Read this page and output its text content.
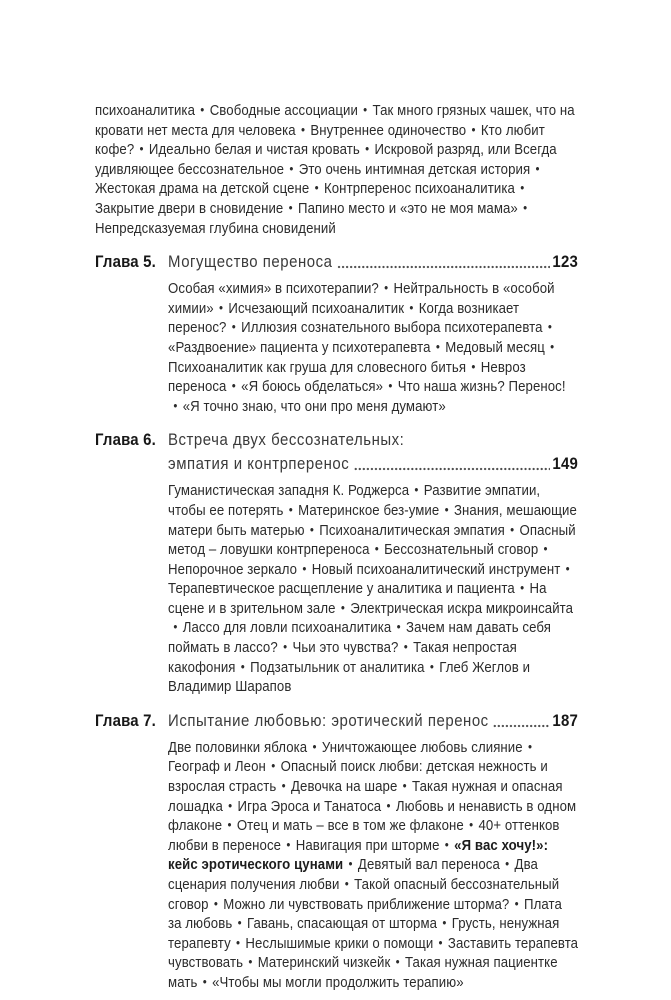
психоаналитика • Свободные ассоциации • Так много грязных чашек, что на кровати нет места для человека • Внутреннее одиночество • Кто любит кофе? • Идеально белая и чистая кровать • Искровой разряд, или Всегда удивляющее бессознательное • Это очень интимная детская история •Жестокая драма на детской сцене • Контрперенос психоаналитика •Закрытие двери в сновидение • Папино место и «это не моя мама» •Непредсказуемая глубина сновидений

Глава 5. Могущество переноса	123

Особая «химия» в психотерапии? • Нейтральность в «особой химии» • Исчезающий психоаналитик • Когда возникает перенос? • Иллюзия сознательного выбора психотерапевта •«Раздвоение» пациента у психотерапевта • Медовый месяц •Психоаналитик как груша для словесного битья • Невроз переноса • «Я боюсь обделаться» • Что наша жизнь? Перенос!• «Я точно знаю, что они про меня думают»

Глава 6. Встреча двух бессознательных:
эмпатия и контрперенос	149

Гуманистическая западня К. Роджерса • Развитие эмпатии, чтобы ее потерять • Материнское без-умие • Знания, мешающие матери быть матерью • Психоаналитическая эмпатия • Опасный метод – ловушки контрпереноса • Бессознательный сговор •Непорочное зеркало • Новый психоаналитический инструмент •Терапевтическое расщепление у аналитика и пациента • На сцене и в зрительном зале • Электрическая искра микроинсайта• Лассо для ловли психоаналитика • Зачем нам давать себя поймать в лассо? • Чьи это чувства? • Такая непростая какофония • Подзатыльник от аналитика • Глеб Жеглов и Владимир Шарапов

Глава 7. Испытание любовью: эротический перенос	187

Две половинки яблока • Уничтожающее любовь слияние •Географ и Леон • Опасный поиск любви: детская нежность и взрослая страсть • Девочка на шаре • Такая нужная и опасная лошадка • Игра Эроса и Танатоса • Любовь и ненависть в одном флаконе • Отец и мать – все в том же флаконе • 40+ оттенков любви в переносе • Навигация при шторме • «Я вас хочу!»: кейс эротического цунами • Девятый вал переноса • Два сценария получения любви • Такой опасный бессознательный сговор • Можно ли чувствовать приближение шторма? • Плата за любовь • Гавань, спасающая от шторма • Грусть, ненужная терапевту • Неслышимые крики о помощи • Заставить терапевта чувствовать • Материнский чизкейк • Такая нужная пациентке мать • «Чтобы мы могли продолжить терапию»
